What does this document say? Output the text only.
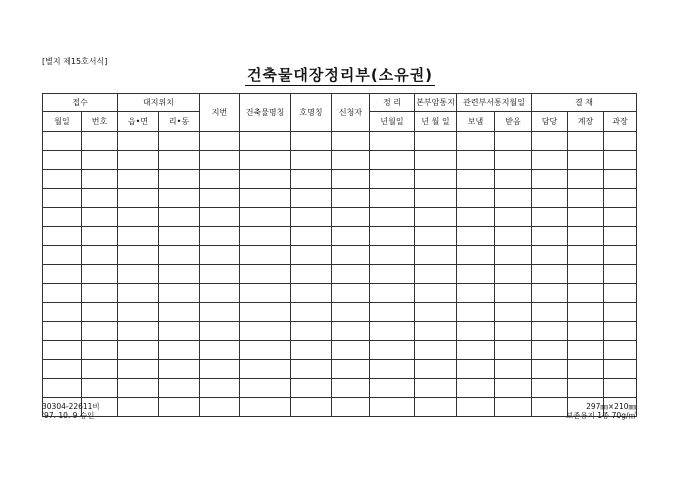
[별지 제15호서식]
건축물대장정리부(소유권)
접수		대지위치		지번	건축물명칭	호명칭	신청자	정 리	본부암통지	관련부서통지월일		결 재		
월일	번호	읍•면	리•동					년월일	년 월 일	보냄	받음	담당	계장	과장

30304-22611비
'97. 10. 9 승인
297㎜×210㎜
보존용지 1종 70g/㎡
